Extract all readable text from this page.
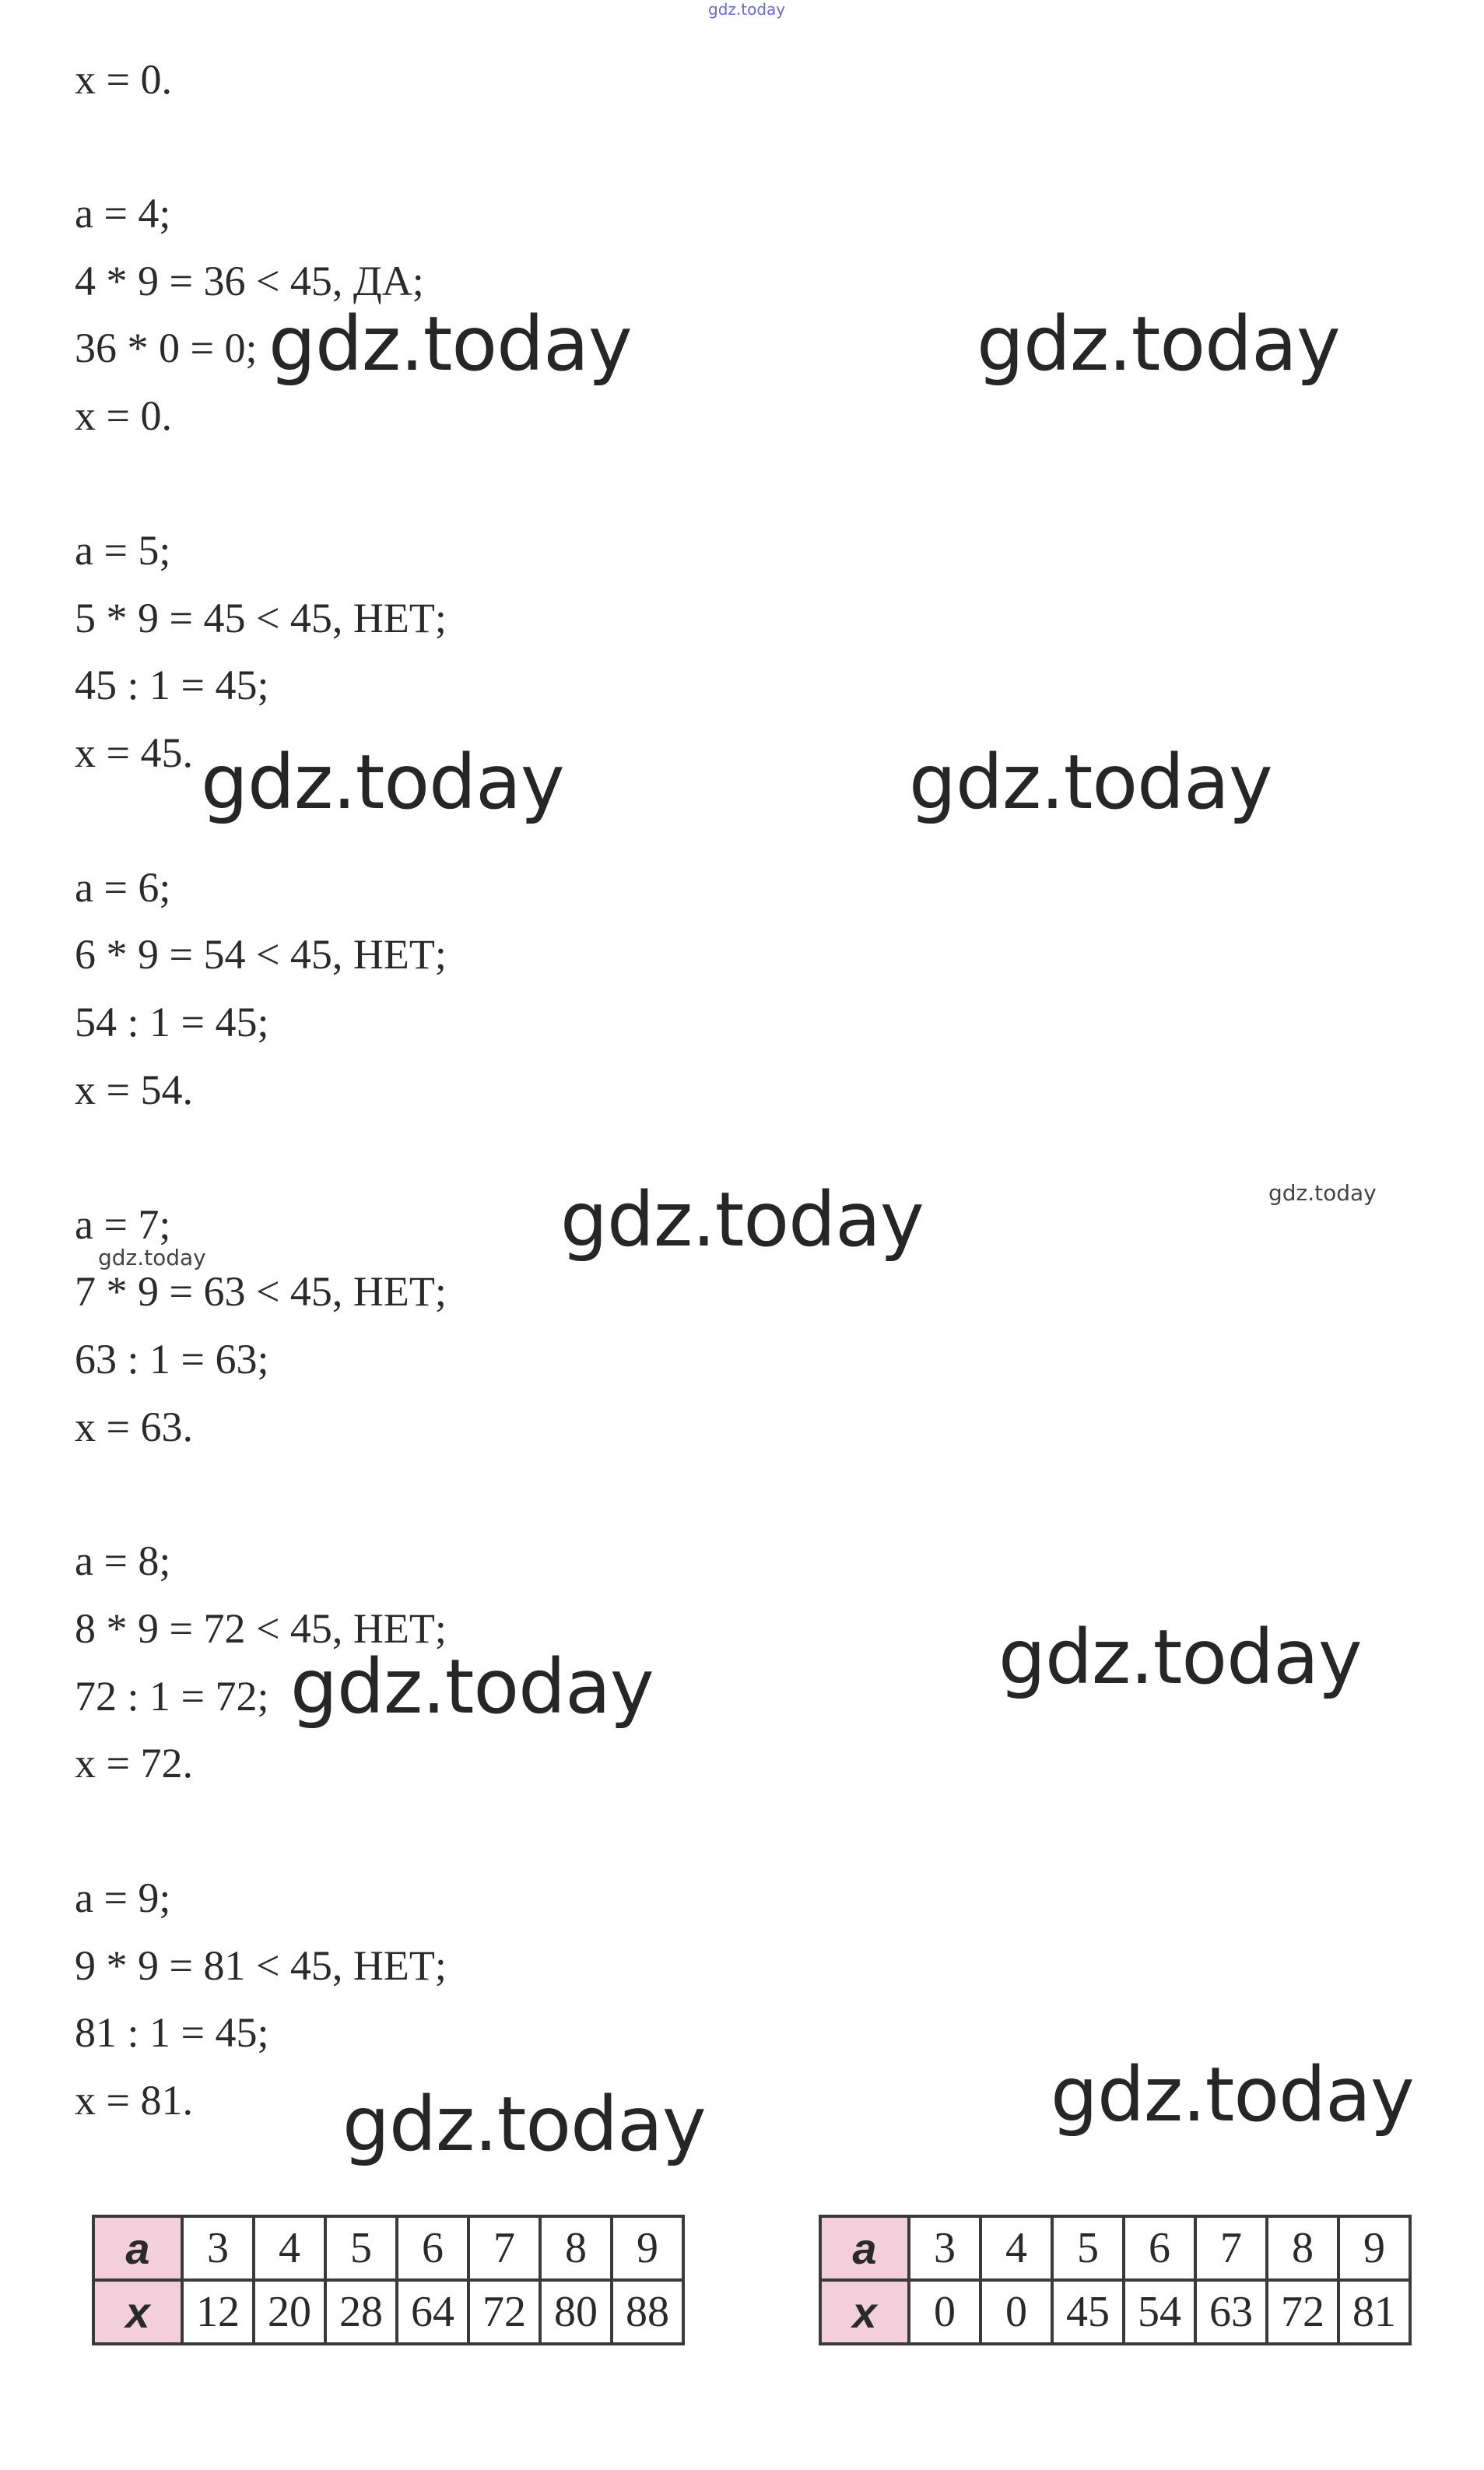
gdz.today
x = 0.
a = 4;
4 * 9 = 36 < 45, ДА;
36 * 0 = 0;
x = 0.
a = 5;
5 * 9 = 45 < 45, НЕТ;
45 : 1 = 45;
x = 45.
a = 6;
6 * 9 = 54 < 45, НЕТ;
54 : 1 = 45;
x = 54.
a = 7;
7 * 9 = 63 < 45, НЕТ;
63 : 1 = 63;
x = 63.
a = 8;
8 * 9 = 72 < 45, НЕТ;
72 : 1 = 72;
x = 72.
a = 9;
9 * 9 = 81 < 45, НЕТ;
81 : 1 = 45;
x = 81.
gdz.today	gdz.today
gdz.today	gdz.today
gdz.today
gdz.today
gdz.today
gdz.today
gdz.today
gdz.today
gdz.today
a	3	4	5	6	7	8	9
x	12	20	28	64	72	80	88
a	3	4	5	6	7	8	9
x	0	0	45	54	63	72	81
